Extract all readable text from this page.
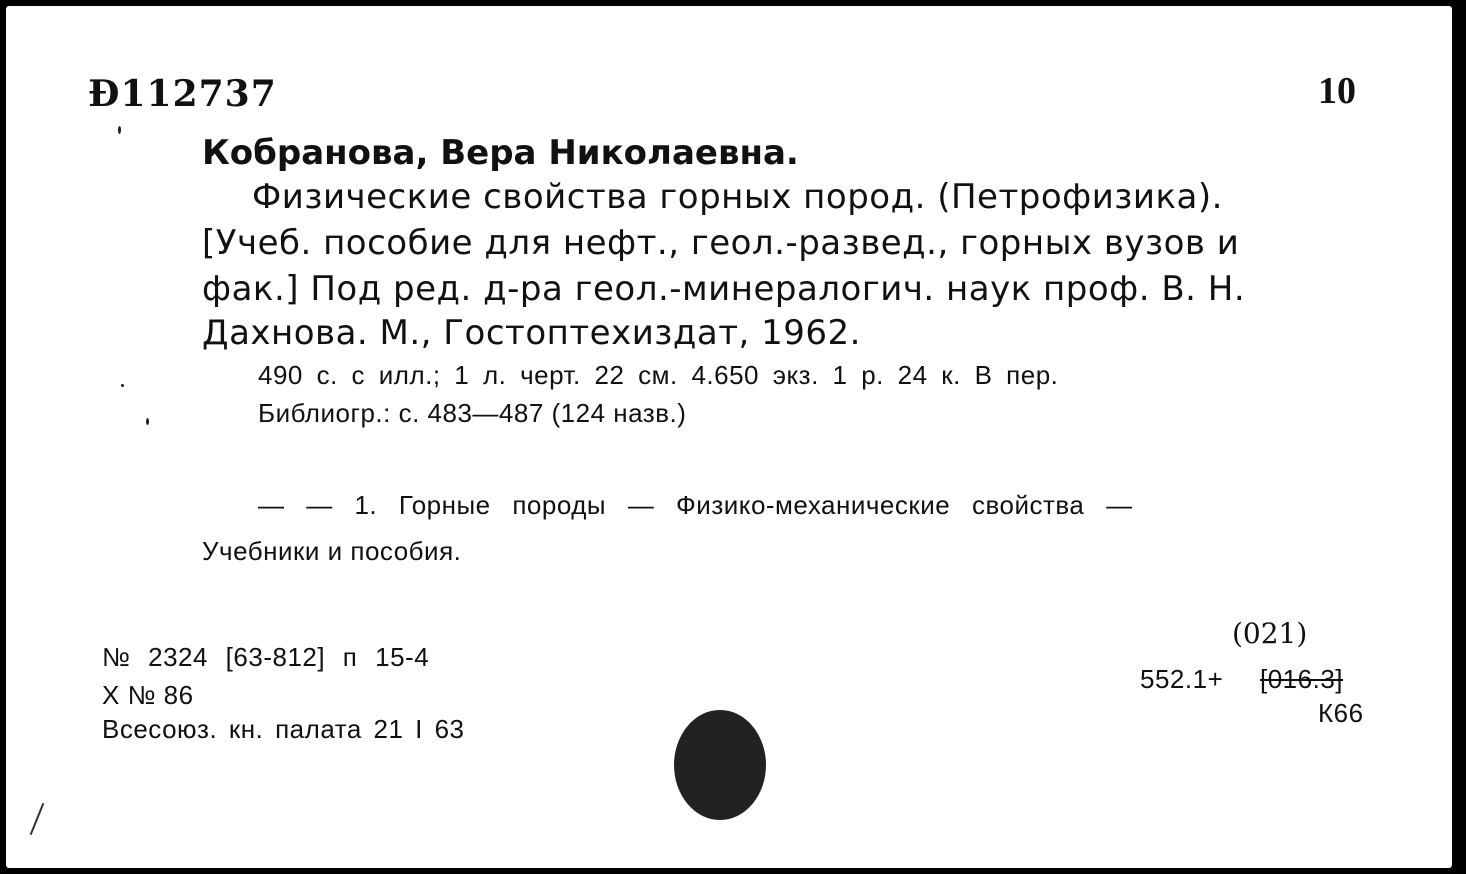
Ð112737	10
Кобранова, Вера Николаевна.
Физические свойства горных пород. (Петрофизика).
[Учеб. пособие для нефт., геол.-развед., горных вузов и
фак.] Под ред. д-ра геол.-минералогич. наук проф. В. Н.
Дахнова. М., Гостоптехиздат, 1962.
490 с. с илл.; 1 л. черт. 22 см. 4.650 экз. 1 р. 24 к. В пер.
Библиогр.: с. 483—487 (124 назв.)
— — 1. Горные породы — Физико-механические свойства —
Учебники и пособия.
№ 2324 [63-812] п 15-4
X № 86
Всесоюз. кн. палата 21 I 63
(021)
552.1+ [016.3]
К66
